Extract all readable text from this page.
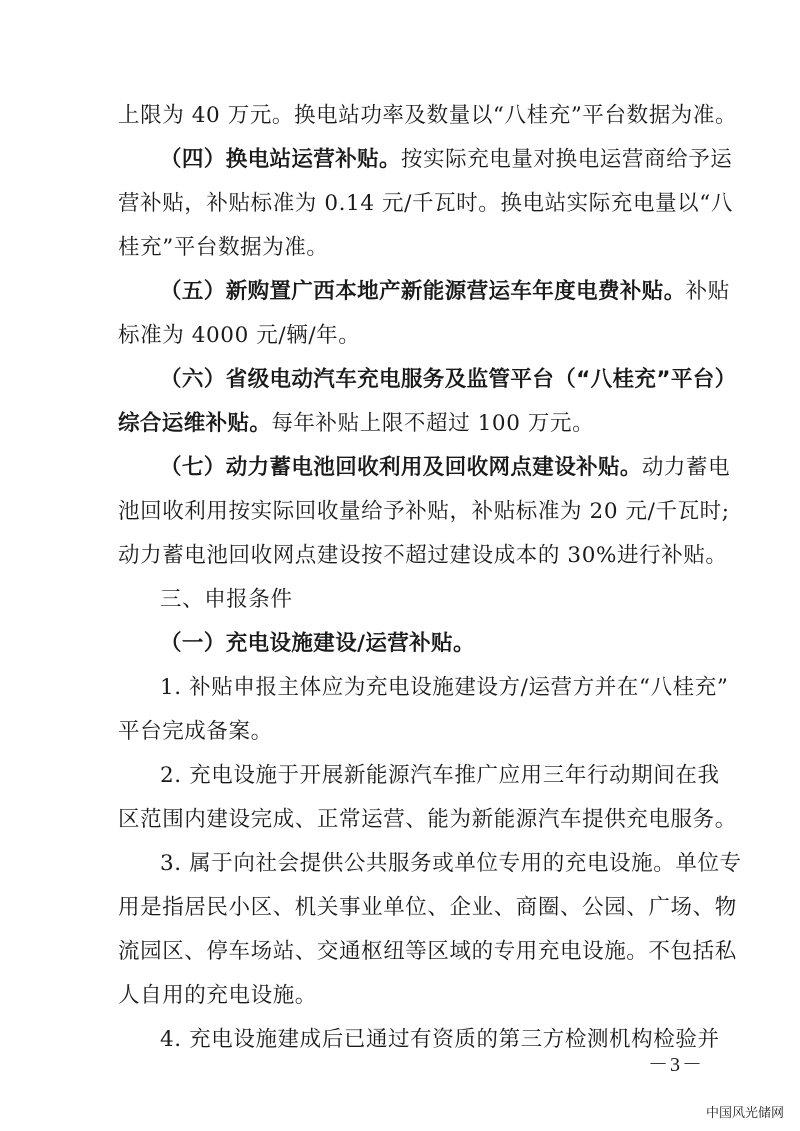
上限为 40 万元。换电站功率及数量以“八桂充”平台数据为准。
（四）换电站运营补贴。按实际充电量对换电运营商给予运
营补贴，补贴标准为 0.14 元/千瓦时。换电站实际充电量以“八
桂充”平台数据为准。
（五）新购置广西本地产新能源营运车年度电费补贴。补贴
标准为 4000 元/辆/年。
（六）省级电动汽车充电服务及监管平台（“八桂充”平台）
综合运维补贴。每年补贴上限不超过 100 万元。
（七）动力蓄电池回收利用及回收网点建设补贴。动力蓄电
池回收利用按实际回收量给予补贴，补贴标准为 20 元/千瓦时;
动力蓄电池回收网点建设按不超过建设成本的 30%进行补贴。
三、申报条件
（一）充电设施建设/运营补贴。
1. 补贴申报主体应为充电设施建设方/运营方并在“八桂充”
平台完成备案。
2. 充电设施于开展新能源汽车推广应用三年行动期间在我
区范围内建设完成、正常运营、能为新能源汽车提供充电服务。
3. 属于向社会提供公共服务或单位专用的充电设施。单位专
用是指居民小区、机关事业单位、企业、商圈、公园、广场、物
流园区、停车场站、交通枢纽等区域的专用充电设施。不包括私
人自用的充电设施。
4. 充电设施建成后已通过有资质的第三方检测机构检验并
－3－
中国风光储网
